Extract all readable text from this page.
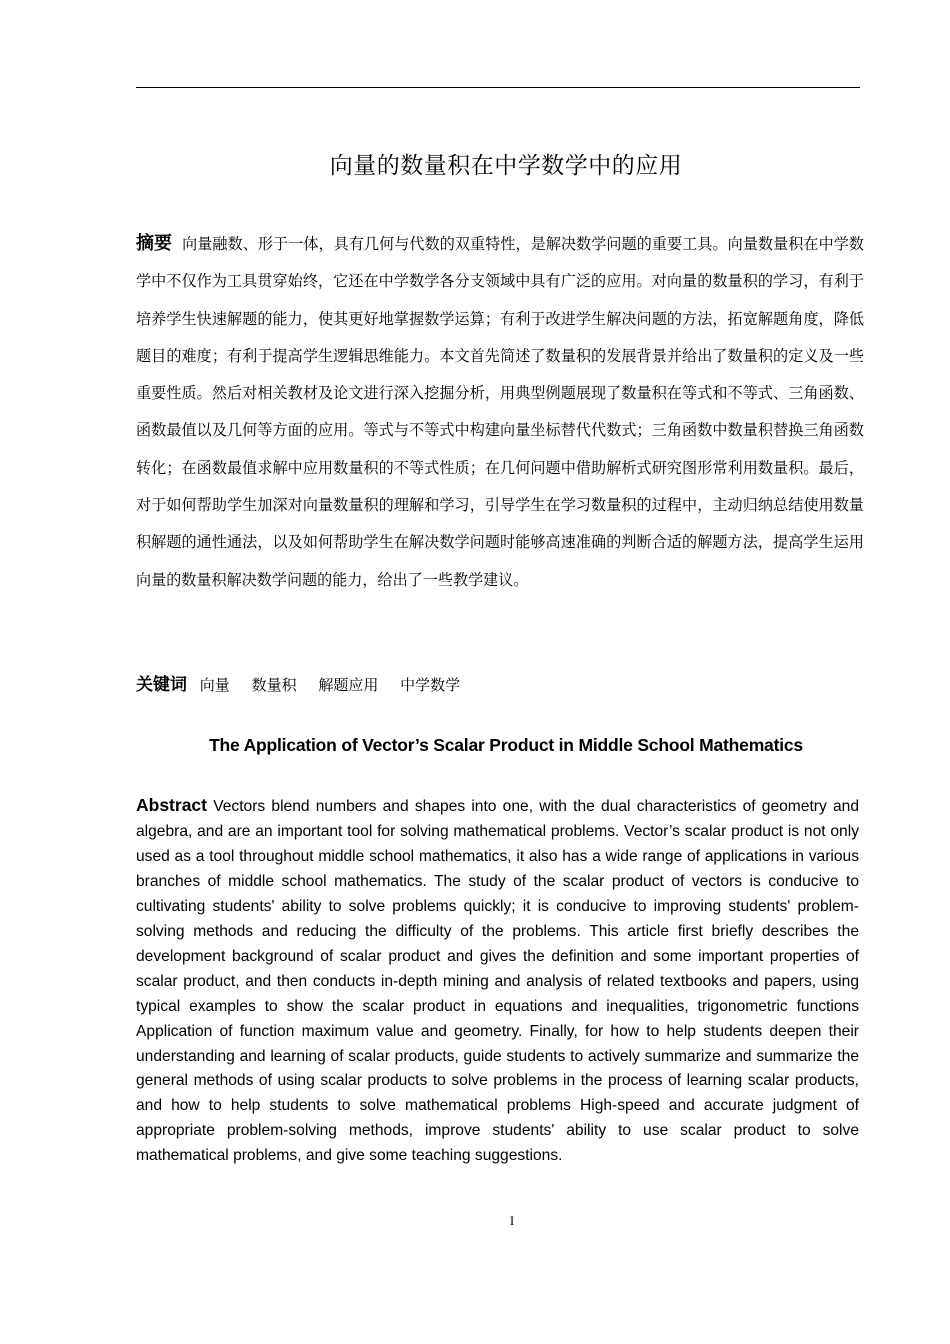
向量的数量积在中学数学中的应用

摘要 向量融数、形于一体，具有几何与代数的双重特性，是解决数学问题的重要工具。向量数量积在中学数学中不仅作为工具贯穿始终，它还在中学数学各分支领域中具有广泛的应用。对向量的数量积的学习，有利于培养学生快速解题的能力，使其更好地掌握数学运算；有利于改进学生解决问题的方法，拓宽解题角度，降低题目的难度；有利于提高学生逻辑思维能力。本文首先简述了数量积的发展背景并给出了数量积的定义及一些重要性质。然后对相关教材及论文进行深入挖掘分析，用典型例题展现了数量积在等式和不等式、三角函数、函数最值以及几何等方面的应用。等式与不等式中构建向量坐标替代代数式；三角函数中数量积替换三角函数转化；在函数最值求解中应用数量积的不等式性质；在几何问题中借助解析式研究图形常利用数量积。最后，对于如何帮助学生加深对向量数量积的理解和学习，引导学生在学习数量积的过程中，主动归纳总结使用数量积解题的通性通法，以及如何帮助学生在解决数学问题时能够高速准确的判断合适的解题方法，提高学生运用向量的数量积解决数学问题的能力，给出了一些教学建议。

关键词 向量 数量积 解题应用 中学数学
The Application of Vector’s Scalar Product in Middle School Mathematics

Abstract Vectors blend numbers and shapes into one, with the dual characteristics of geometry and algebra, and are an important tool for solving mathematical problems. Vector’s scalar product is not only used as a tool throughout middle school mathematics, it also has a wide range of applications in various branches of middle school mathematics. The study of the scalar product of vectors is conducive to cultivating students' ability to solve problems quickly; it is conducive to improving students' problem-solving methods and reducing the difficulty of the problems. This article first briefly describes the development background of scalar product and gives the definition and some important properties of scalar product, and then conducts in-depth mining and analysis of related textbooks and papers, using typical examples to show the scalar product in equations and inequalities, trigonometric functions Application of function maximum value and geometry. Finally, for how to help students deepen their understanding and learning of scalar products, guide students to actively summarize and summarize the general methods of using scalar products to solve problems in the process of learning scalar products, and how to help students to solve mathematical problems High-speed and accurate judgment of appropriate problem-solving methods, improve students' ability to use scalar product to solve mathematical problems, and give some teaching suggestions.

I
